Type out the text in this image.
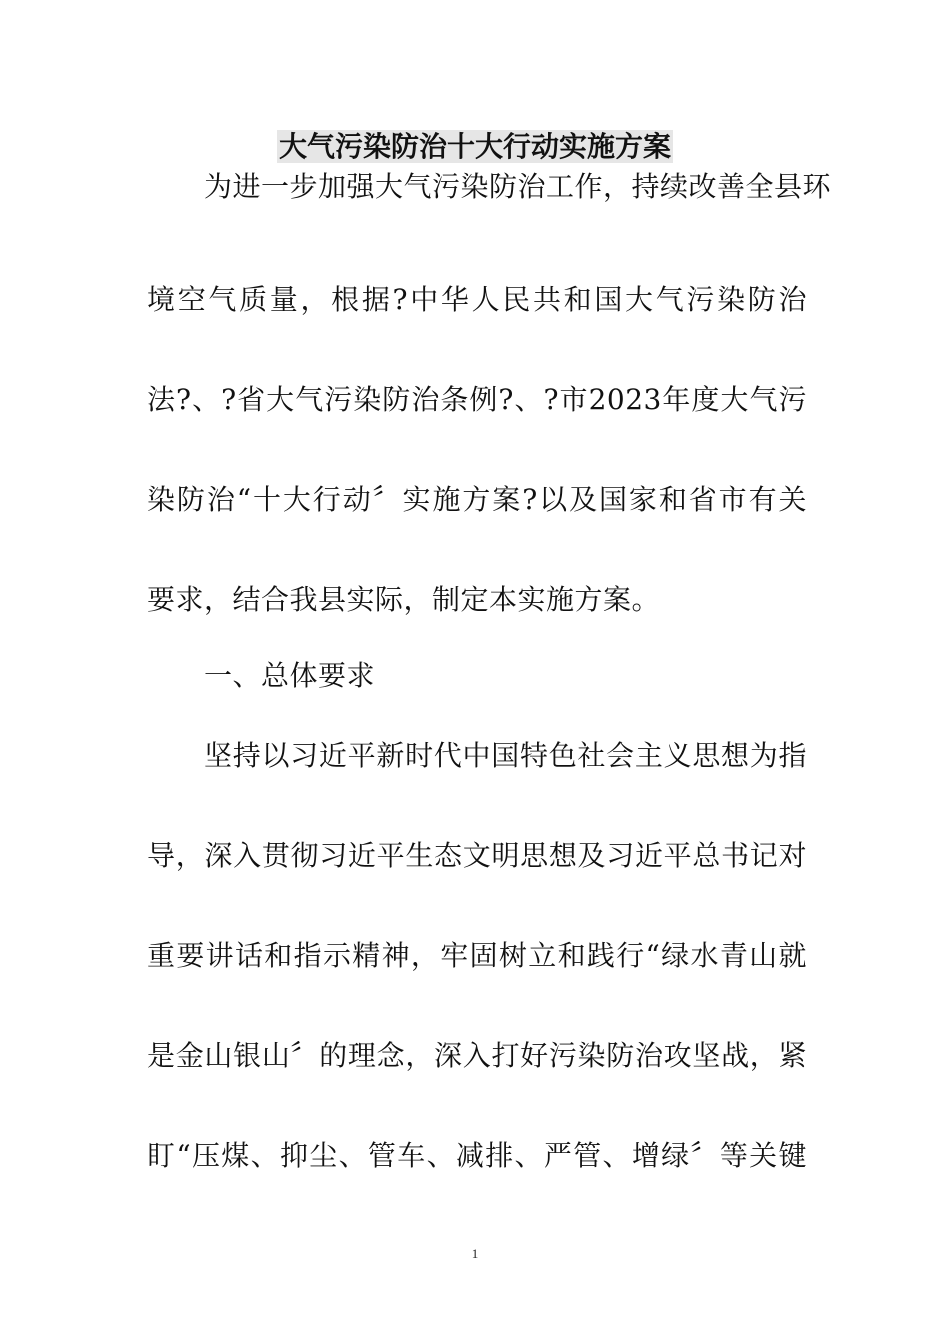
大气污染防治十大行动实施方案
为进一步加强大气污染防治工作，持续改善全县环
境空气质量，根据?中华人民共和国大气污染防治
法?、?省大气污染防治条例?、?市2023年度大气污
染防治“十大行动〞实施方案?以及国家和省市有关
要求，结合我县实际，制定本实施方案。
一、总体要求
坚持以习近平新时代中国特色社会主义思想为指
导，深入贯彻习近平生态文明思想及习近平总书记对
重要讲话和指示精神，牢固树立和践行“绿水青山就
是金山银山〞的理念，深入打好污染防治攻坚战，紧
盯“压煤、抑尘、管车、减排、严管、增绿〞等关键
1
